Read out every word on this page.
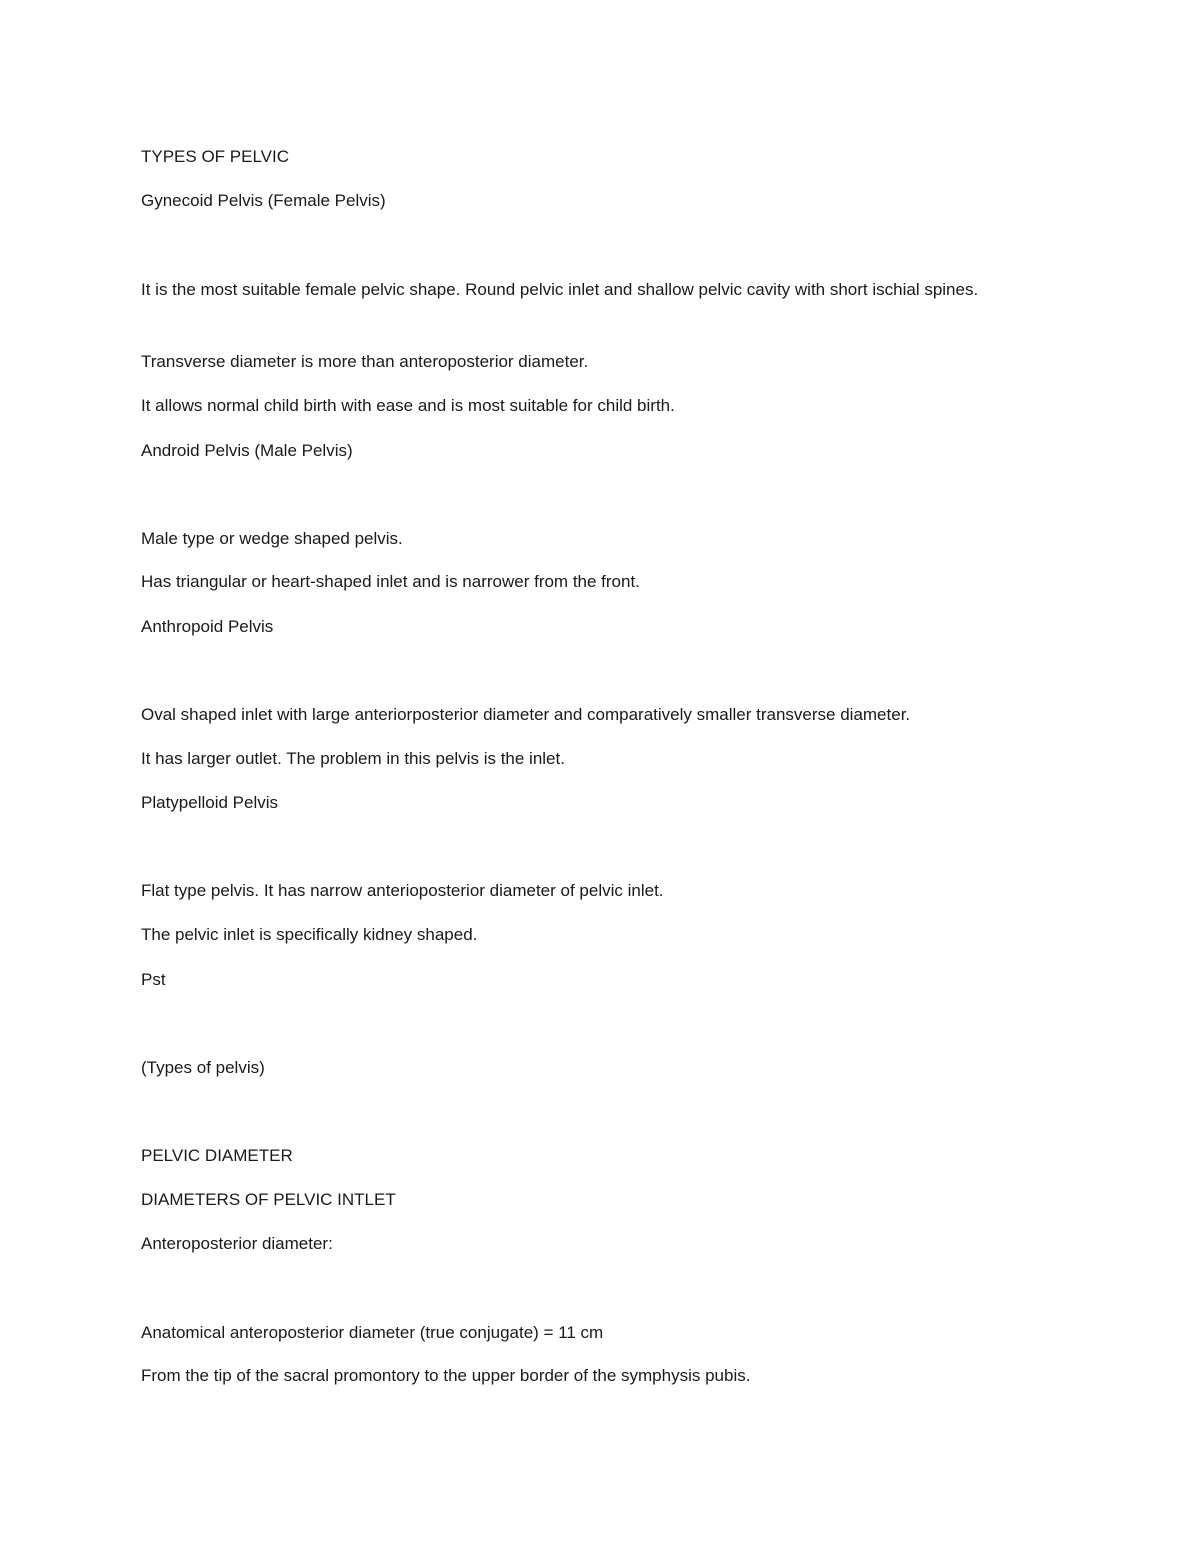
TYPES OF PELVIC

Gynecoid Pelvis (Female Pelvis)

It is the most suitable female pelvic shape. Round pelvic inlet and shallow pelvic cavity with short ischial spines.

Transverse diameter is more than anteroposterior diameter.

It allows normal child birth with ease and is most suitable for child birth.

Android Pelvis (Male Pelvis)

Male type or wedge shaped pelvis.

Has triangular or heart-shaped inlet and is narrower from the front.

Anthropoid Pelvis

Oval shaped inlet with large anteriorposterior diameter and comparatively smaller transverse diameter.

It has larger outlet. The problem in this pelvis is the inlet.

Platypelloid Pelvis

Flat type pelvis. It has narrow anterioposterior diameter of pelvic inlet.

The pelvic inlet is specifically kidney shaped.

Pst

(Types of pelvis)

PELVIC DIAMETER

DIAMETERS OF PELVIC INTLET

Anteroposterior diameter:

Anatomical anteroposterior diameter (true conjugate) = 11 cm

From the tip of the sacral promontory to the upper border of the symphysis pubis.
